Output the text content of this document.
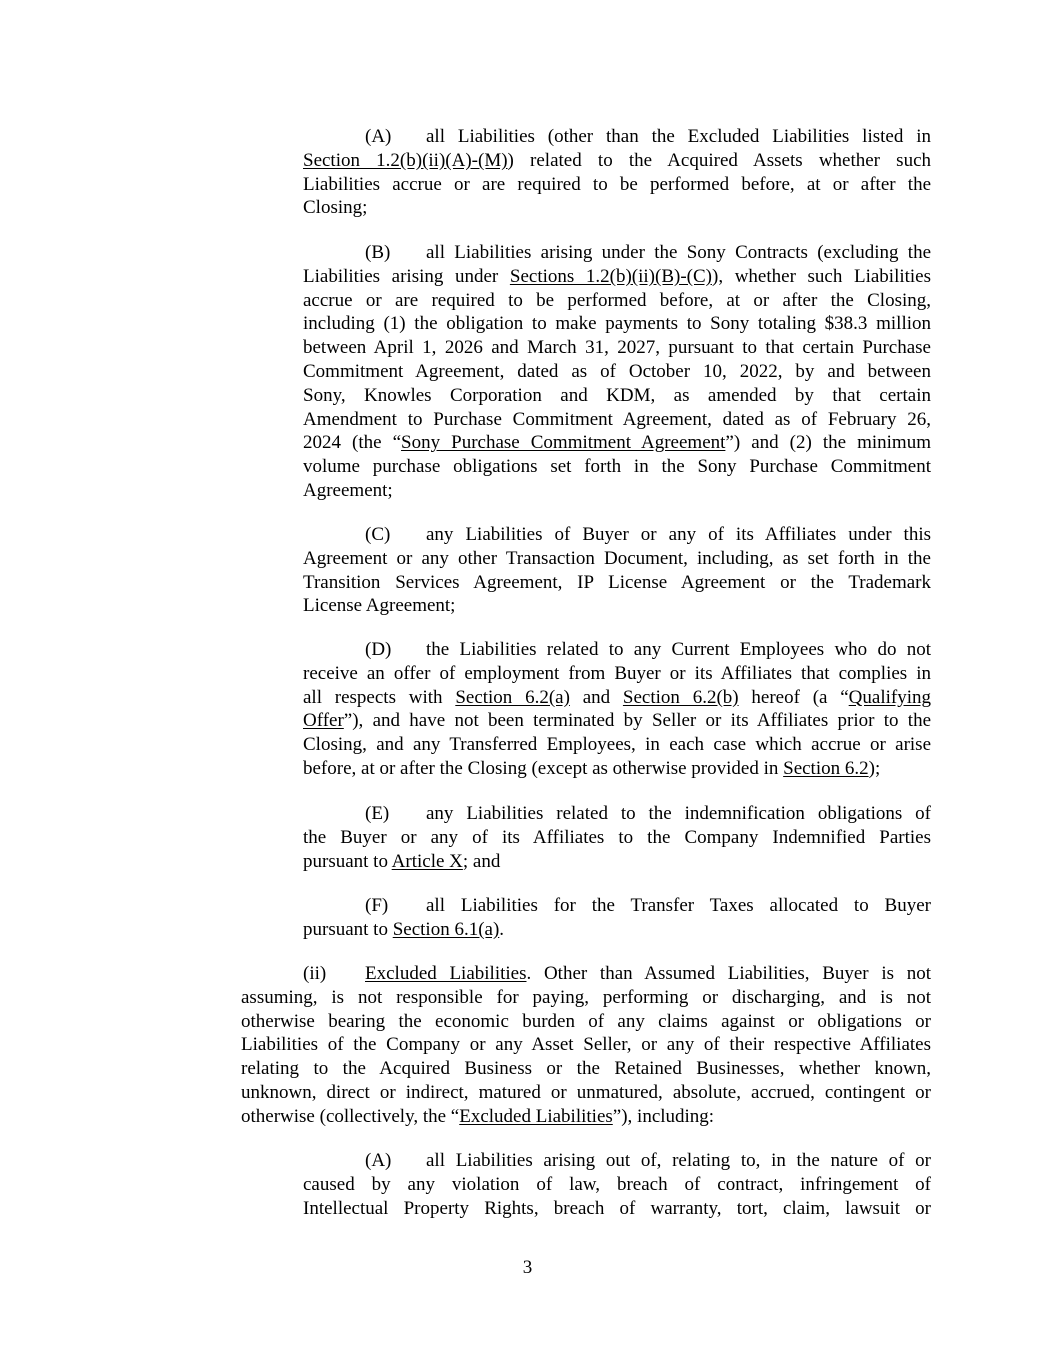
(A) all Liabilities (other than the Excluded Liabilities listed in
Section 1.2(b)(ii)(A)-(M)) related to the Acquired Assets whether such
Liabilities accrue or are required to be performed before, at or after the
Closing;
(B) all Liabilities arising under the Sony Contracts (excluding the
Liabilities arising under Sections 1.2(b)(ii)(B)-(C)), whether such Liabilities
accrue or are required to be performed before, at or after the Closing,
including (1) the obligation to make payments to Sony totaling $38.3 million
between April 1, 2026 and March 31, 2027, pursuant to that certain Purchase
Commitment Agreement, dated as of October 10, 2022, by and between
Sony, Knowles Corporation and KDM, as amended by that certain
Amendment to Purchase Commitment Agreement, dated as of February 26,
2024 (the “Sony Purchase Commitment Agreement”) and (2) the minimum
volume purchase obligations set forth in the Sony Purchase Commitment
Agreement;
(C) any Liabilities of Buyer or any of its Affiliates under this
Agreement or any other Transaction Document, including, as set forth in the
Transition Services Agreement, IP License Agreement or the Trademark
License Agreement;
(D) the Liabilities related to any Current Employees who do not
receive an offer of employment from Buyer or its Affiliates that complies in
all respects with Section 6.2(a) and Section 6.2(b) hereof (a “Qualifying
Offer”), and have not been terminated by Seller or its Affiliates prior to the
Closing, and any Transferred Employees, in each case which accrue or arise
before, at or after the Closing (except as otherwise provided in Section 6.2);
(E) any Liabilities related to the indemnification obligations of
the Buyer or any of its Affiliates to the Company Indemnified Parties
pursuant to Article X; and
(F) all Liabilities for the Transfer Taxes allocated to Buyer
pursuant to Section 6.1(a).
(ii) Excluded Liabilities. Other than Assumed Liabilities, Buyer is not
assuming, is not responsible for paying, performing or discharging, and is not
otherwise bearing the economic burden of any claims against or obligations or
Liabilities of the Company or any Asset Seller, or any of their respective Affiliates
relating to the Acquired Business or the Retained Businesses, whether known,
unknown, direct or indirect, matured or unmatured, absolute, accrued, contingent or
otherwise (collectively, the “Excluded Liabilities”), including:
(A) all Liabilities arising out of, relating to, in the nature of or
caused by any violation of law, breach of contract, infringement of
Intellectual Property Rights, breach of warranty, tort, claim, lawsuit or
3
